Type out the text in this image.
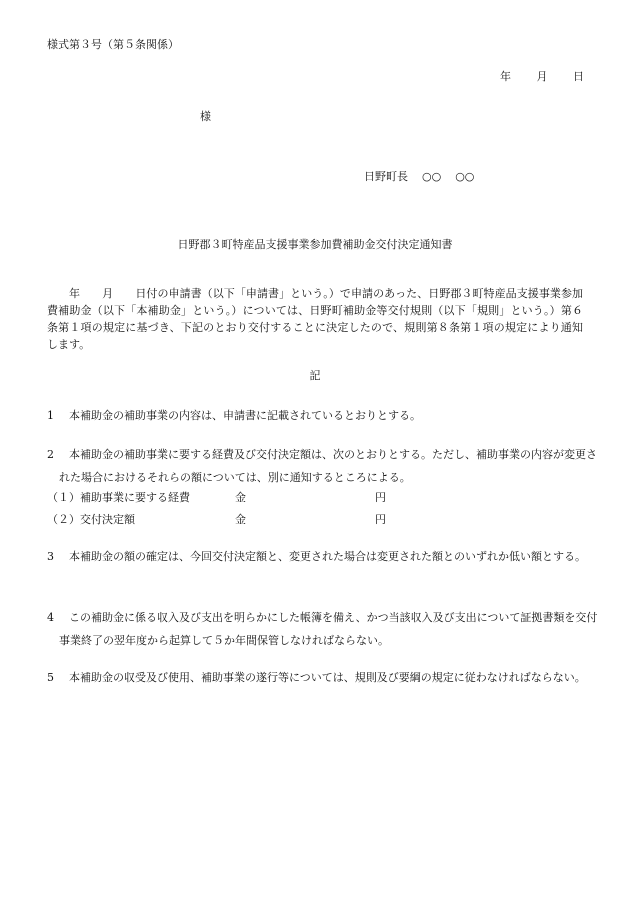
様式第３号（第５条関係）
年 月 日
様
日野町長 ○○ ○○
日野郡３町特産品支援事業参加費補助金交付決定通知書
年　　月　　日付の申請書（以下「申請書」という。）で申請のあった、日野郡３町特産品支援事業参加費補助金（以下「本補助金」という。）については、日野町補助金等交付規則（以下「規則」という。）第６条第１項の規定に基づき、下記のとおり交付することに決定したので、規則第８条第１項の規定により通知します。
記
1 本補助金の補助事業の内容は、申請書に記載されているとおりとする。
2 本補助金の補助事業に要する経費及び交付決定額は、次のとおりとする。ただし、補助事業の内容が変更された場合におけるそれらの額については、別に通知するところによる。
（１）補助事業に要する経費	金	円
（２）交付決定額	金	円
3 本補助金の額の確定は、今回交付決定額と、変更された場合は変更された額とのいずれか低い額とする。
4 この補助金に係る収入及び支出を明らかにした帳簿を備え、かつ当該収入及び支出について証拠書類を交付事業終了の翌年度から起算して５か年間保管しなければならない。
5 本補助金の収受及び使用、補助事業の遂行等については、規則及び要綱の規定に従わなければならない。
